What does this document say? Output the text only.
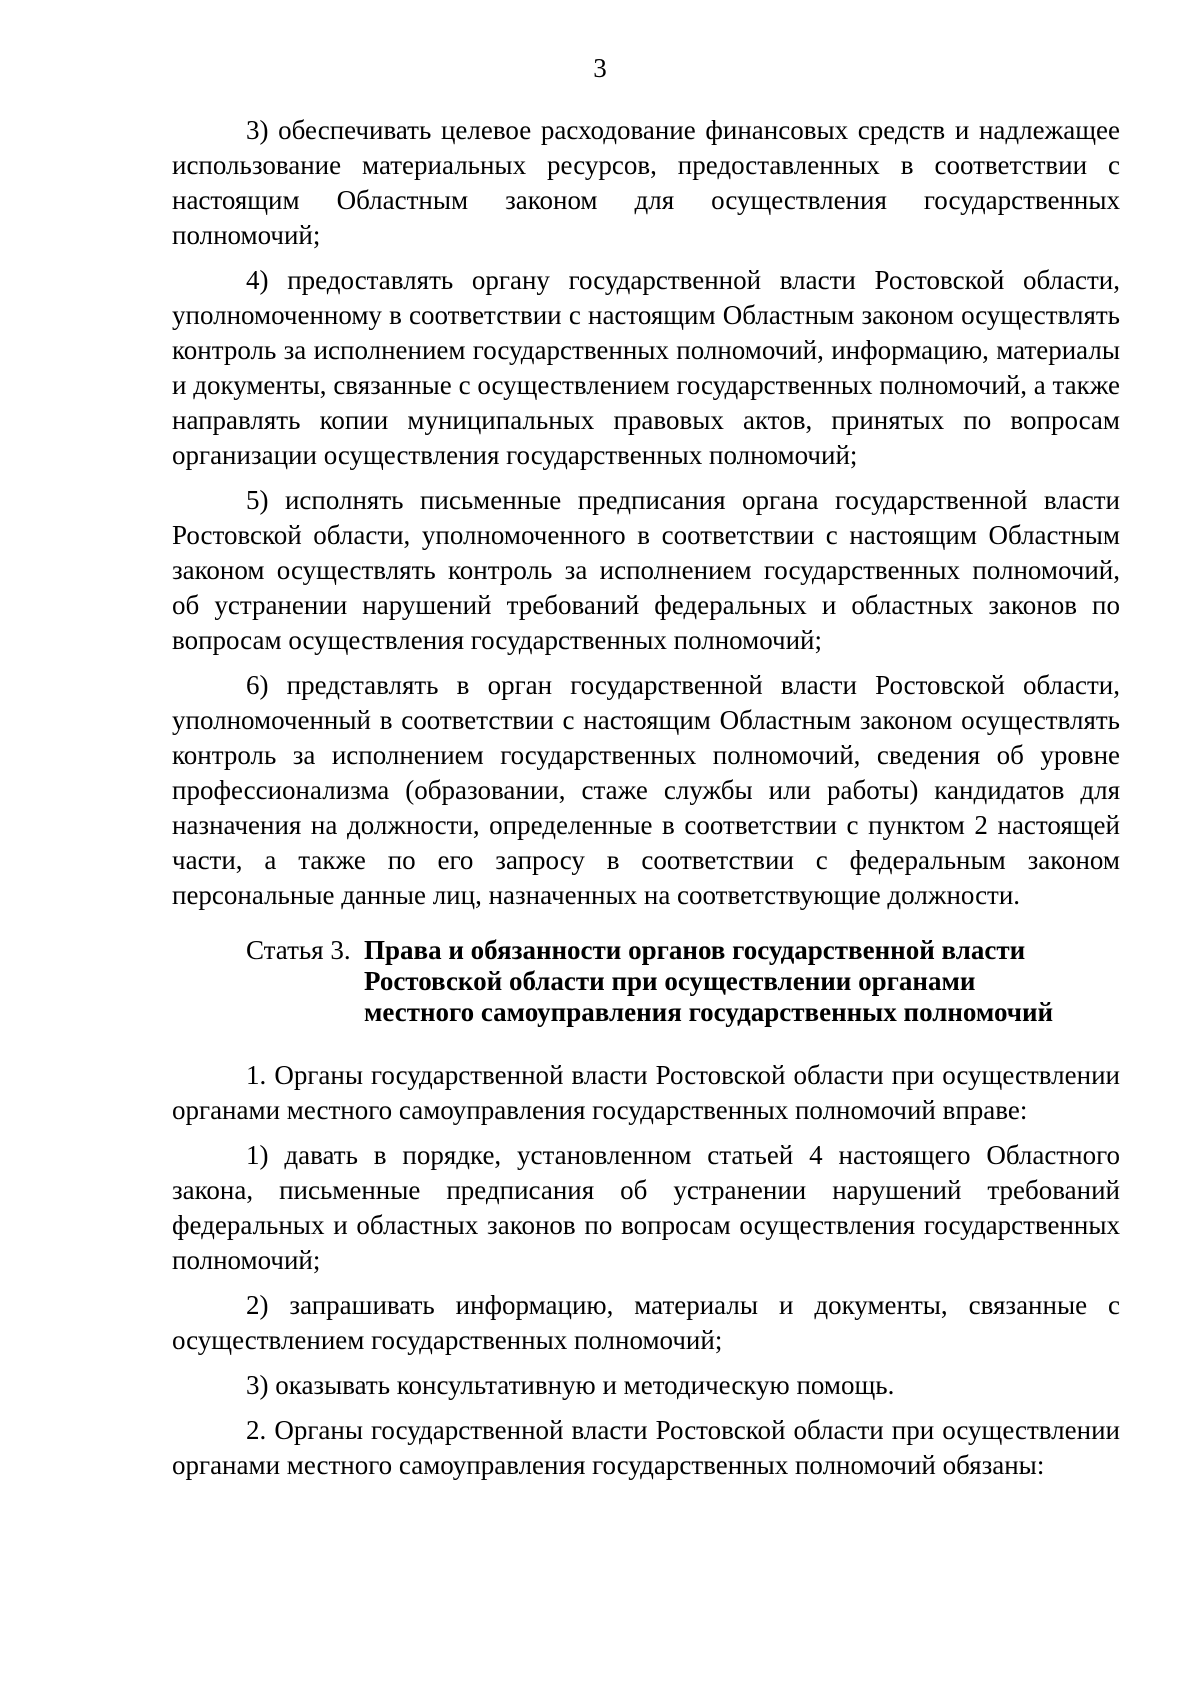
3

3) обеспечивать целевое расходование финансовых средств и надлежащее использование материальных ресурсов, предоставленных в соответствии с настоящим Областным законом для осуществления государственных полномочий;

4) предоставлять органу государственной власти Ростовской области, уполномоченному в соответствии с настоящим Областным законом осуществлять контроль за исполнением государственных полномочий, информацию, материалы и документы, связанные с осуществлением государственных полномочий, а также направлять копии муниципальных правовых актов, принятых по вопросам организации осуществления государственных полномочий;

5) исполнять письменные предписания органа государственной власти Ростовской области, уполномоченного в соответствии с настоящим Областным законом осуществлять контроль за исполнением государственных полномочий, об устранении нарушений требований федеральных и областных законов по вопросам осуществления государственных полномочий;

6) представлять в орган государственной власти Ростовской области, уполномоченный в соответствии с настоящим Областным законом осуществлять контроль за исполнением государственных полномочий, сведения об уровне профессионализма (образовании, стаже службы или работы) кандидатов для назначения на должности, определенные в соответствии с пунктом 2 настоящей части, а также по его запросу в соответствии с федеральным законом персональные данные лиц, назначенных на соответствующие должности.

Статья 3. Права и обязанности органов государственной власти
Ростовской области при осуществлении органами
местного самоуправления государственных полномочий

1. Органы государственной власти Ростовской области при осуществлении органами местного самоуправления государственных полномочий вправе:

1) давать в порядке, установленном статьей 4 настоящего Областного закона, письменные предписания об устранении нарушений требований федеральных и областных законов по вопросам осуществления государственных полномочий;

2) запрашивать информацию, материалы и документы, связанные с осуществлением государственных полномочий;

3) оказывать консультативную и методическую помощь.

2. Органы государственной власти Ростовской области при осуществлении органами местного самоуправления государственных полномочий обязаны:
